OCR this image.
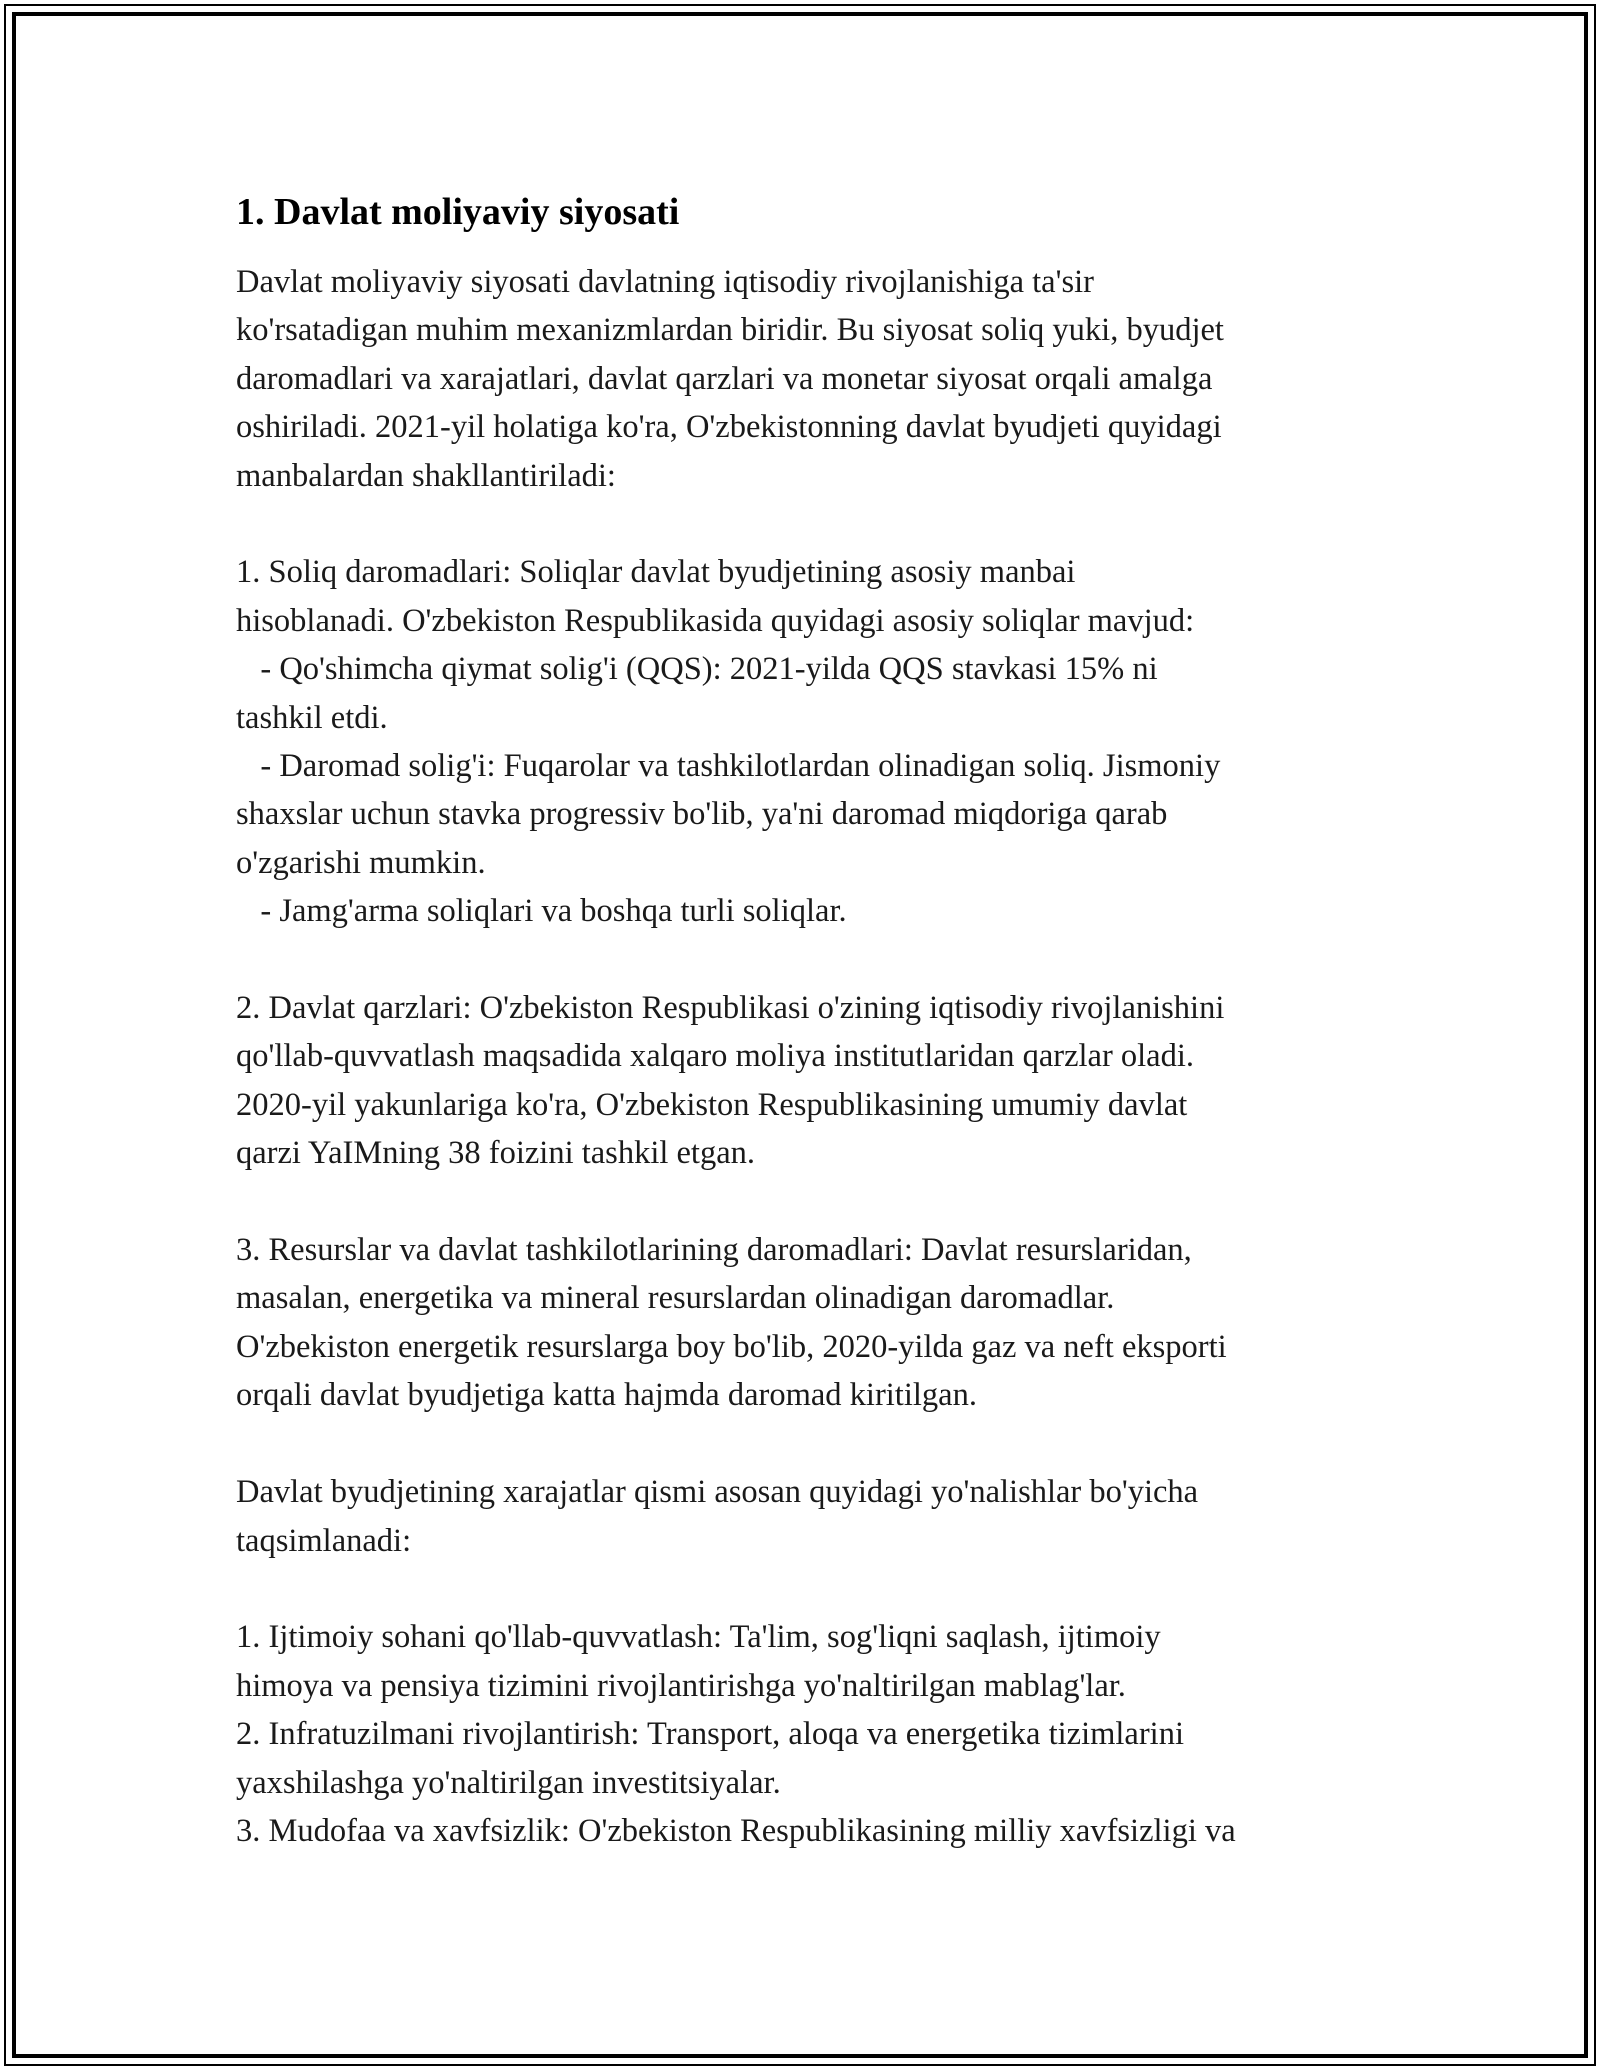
1. Davlat moliyaviy siyosati
Davlat moliyaviy siyosati davlatning iqtisodiy rivojlanishiga ta'sir
ko'rsatadigan muhim mexanizmlardan biridir. Bu siyosat soliq yuki, byudjet
daromadlari va xarajatlari, davlat qarzlari va monetar siyosat orqali amalga
oshiriladi. 2021-yil holatiga ko'ra, O'zbekistonning davlat byudjeti quyidagi
manbalardan shakllantiriladi:
1. Soliq daromadlari: Soliqlar davlat byudjetining asosiy manbai
hisoblanadi. O'zbekiston Respublikasida quyidagi asosiy soliqlar mavjud:
- Qo'shimcha qiymat solig'i (QQS): 2021-yilda QQS stavkasi 15% ni
tashkil etdi.
- Daromad solig'i: Fuqarolar va tashkilotlardan olinadigan soliq. Jismoniy
shaxslar uchun stavka progressiv bo'lib, ya'ni daromad miqdoriga qarab
o'zgarishi mumkin.
- Jamg'arma soliqlari va boshqa turli soliqlar.
2. Davlat qarzlari: O'zbekiston Respublikasi o'zining iqtisodiy rivojlanishini
qo'llab-quvvatlash maqsadida xalqaro moliya institutlaridan qarzlar oladi.
2020-yil yakunlariga ko'ra, O'zbekiston Respublikasining umumiy davlat
qarzi YaIMning 38 foizini tashkil etgan.
3. Resurslar va davlat tashkilotlarining daromadlari: Davlat resurslaridan,
masalan, energetika va mineral resurslardan olinadigan daromadlar.
O'zbekiston energetik resurslarga boy bo'lib, 2020-yilda gaz va neft eksporti
orqali davlat byudjetiga katta hajmda daromad kiritilgan.
Davlat byudjetining xarajatlar qismi asosan quyidagi yo'nalishlar bo'yicha
taqsimlanadi:
1. Ijtimoiy sohani qo'llab-quvvatlash: Ta'lim, sog'liqni saqlash, ijtimoiy
himoya va pensiya tizimini rivojlantirishga yo'naltirilgan mablag'lar.
2. Infratuzilmani rivojlantirish: Transport, aloqa va energetika tizimlarini
yaxshilashga yo'naltirilgan investitsiyalar.
3. Mudofaa va xavfsizlik: O'zbekiston Respublikasining milliy xavfsizligi va
